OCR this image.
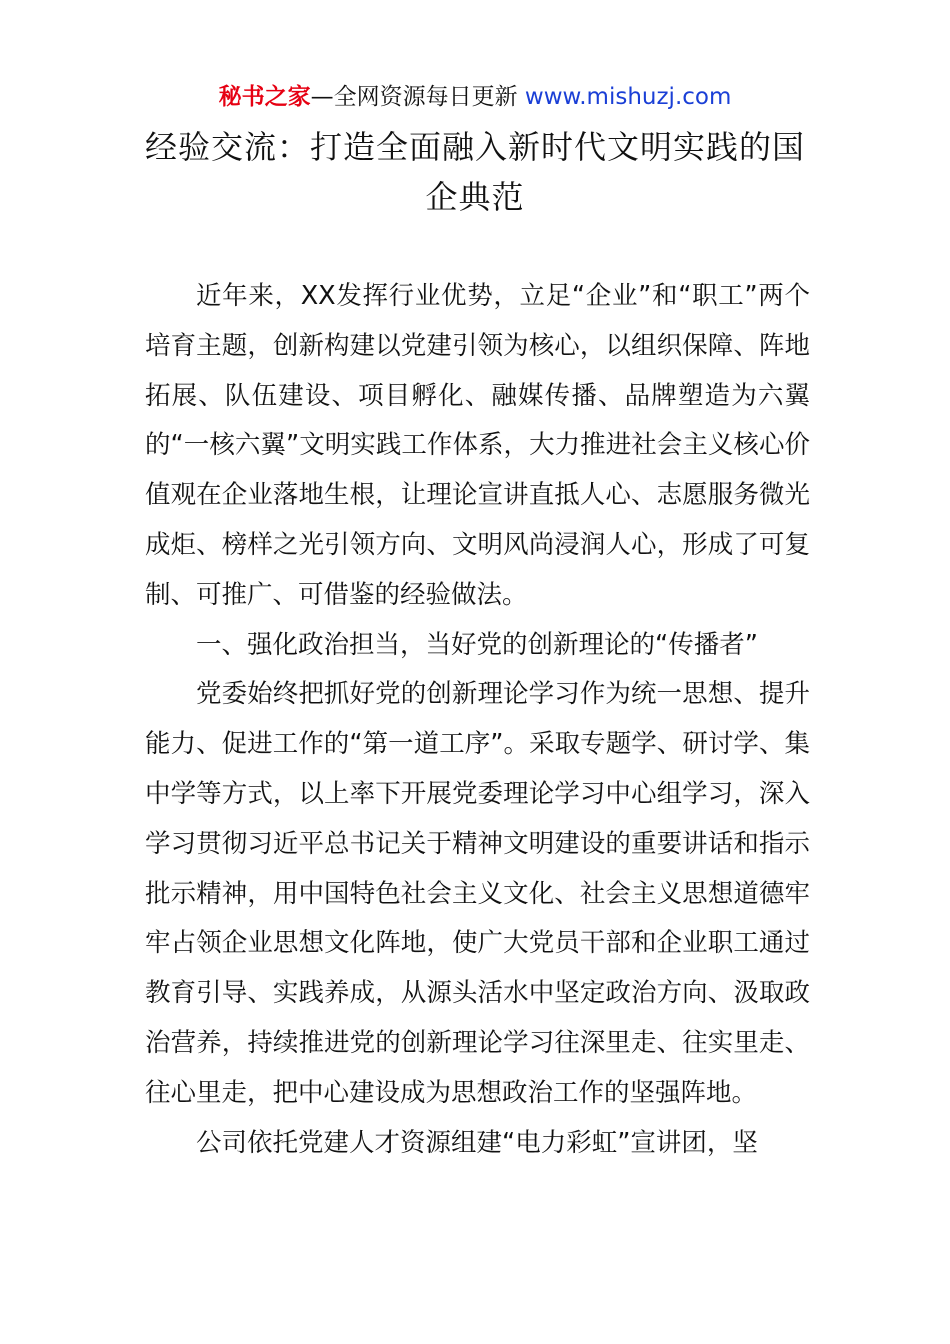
秘书之家—全网资源每日更新 www.mishuzj.com
经验交流：打造全面融入新时代文明实践的国企典范

近年来，XX发挥行业优势，立足“企业”和“职工”两个培育主题，创新构建以党建引领为核心，以组织保障、阵地拓展、队伍建设、项目孵化、融媒传播、品牌塑造为六翼的“一核六翼”文明实践工作体系，大力推进社会主义核心价值观在企业落地生根，让理论宣讲直抵人心、志愿服务微光成炬、榜样之光引领方向、文明风尚浸润人心，形成了可复制、可推广、可借鉴的经验做法。

一、强化政治担当，当好党的创新理论的“传播者”

党委始终把抓好党的创新理论学习作为统一思想、提升能力、促进工作的“第一道工序”。采取专题学、研讨学、集中学等方式，以上率下开展党委理论学习中心组学习，深入学习贯彻习近平总书记关于精神文明建设的重要讲话和指示批示精神，用中国特色社会主义文化、社会主义思想道德牢牢占领企业思想文化阵地，使广大党员干部和企业职工通过教育引导、实践养成，从源头活水中坚定政治方向、汲取政治营养，持续推进党的创新理论学习往深里走、往实里走、往心里走，把中心建设成为思想政治工作的坚强阵地。

公司依托党建人才资源组建“电力彩虹”宣讲团，坚
